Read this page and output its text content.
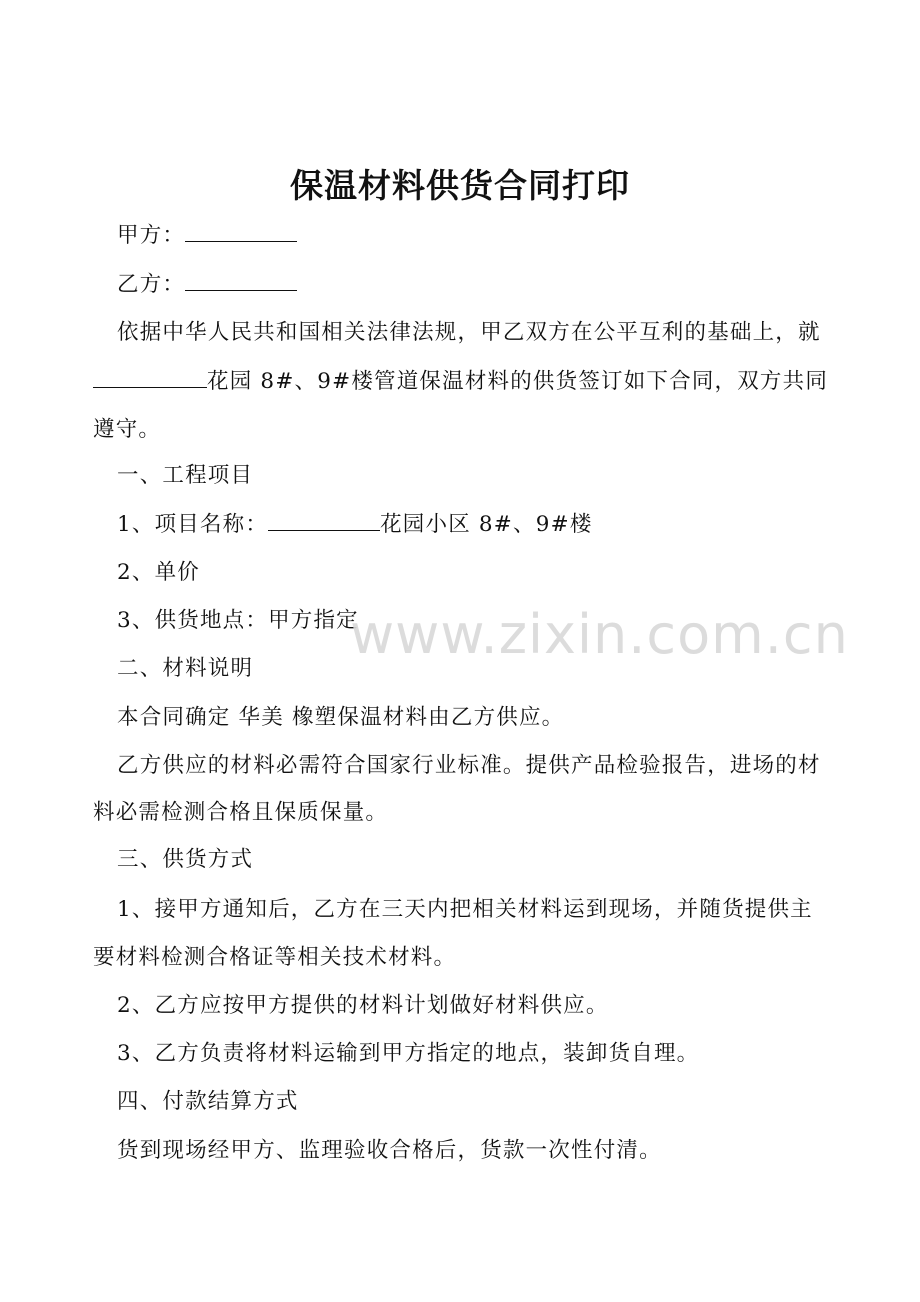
保温材料供货合同打印
甲方：
乙方：
依据中华人民共和国相关法律法规，甲乙双方在公平互利的基础上，就
花园 8#、9#楼管道保温材料的供货签订如下合同，双方共同
遵守。
一、工程项目
1、项目名称：	花园小区 8#、9#楼
2、单价
3、供货地点：甲方指定
二、材料说明
本合同确定 华美 橡塑保温材料由乙方供应。
乙方供应的材料必需符合国家行业标准。提供产品检验报告，进场的材
料必需检测合格且保质保量。
三、供货方式
1、接甲方通知后，乙方在三天内把相关材料运到现场，并随货提供主
要材料检测合格证等相关技术材料。
2、乙方应按甲方提供的材料计划做好材料供应。
3、乙方负责将材料运输到甲方指定的地点，装卸货自理。
四、付款结算方式
货到现场经甲方、监理验收合格后，货款一次性付清。
www.zixin.com.cn
